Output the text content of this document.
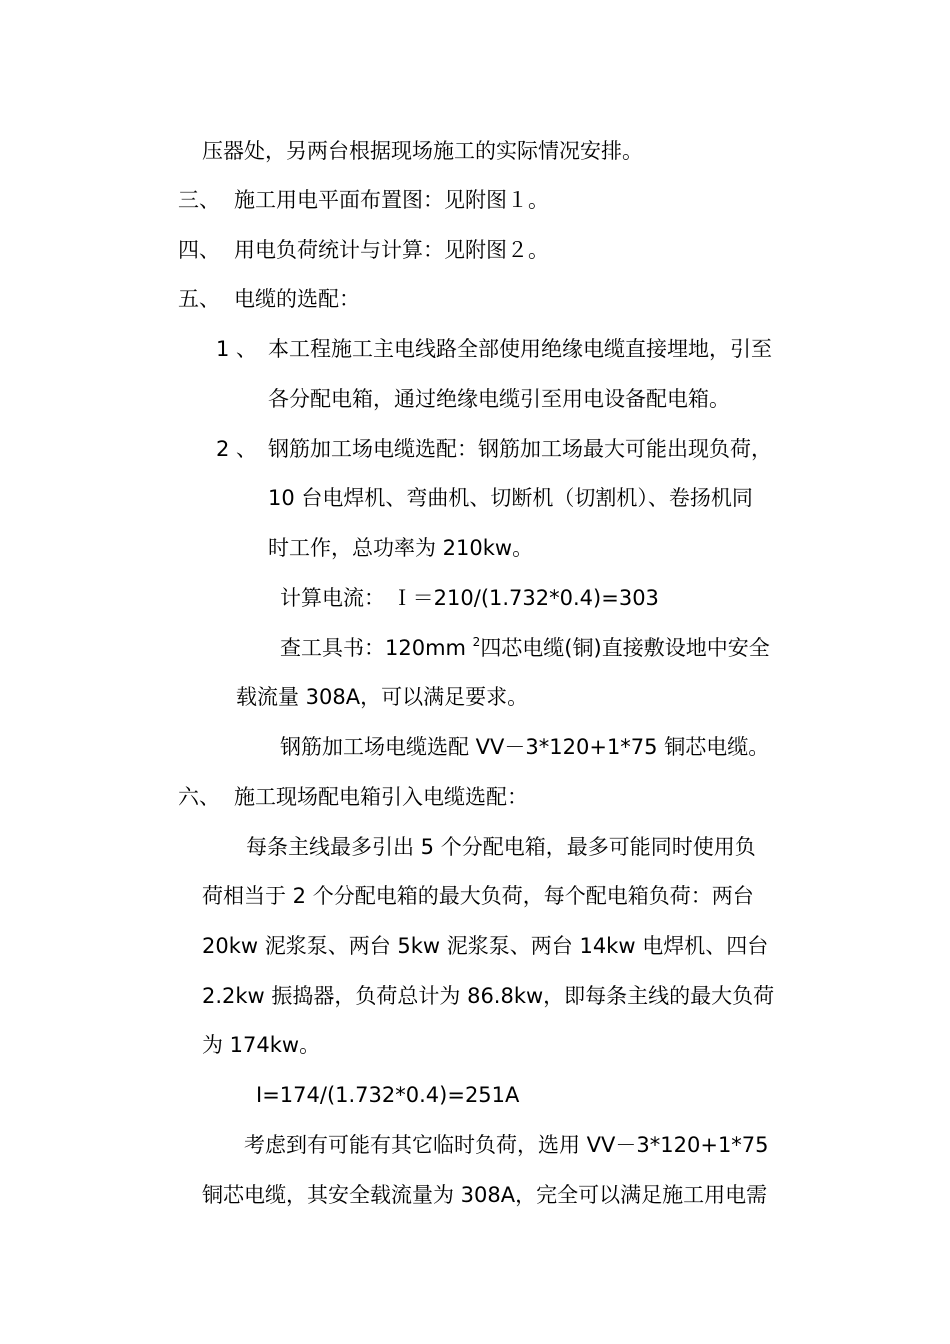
压器处，另两台根据现场施工的实际情况安排。
三、 施工用电平面布置图：见附图１。
四、 用电负荷统计与计算：见附图２。
五、 电缆的选配：
1 、 本工程施工主电线路全部使用绝缘电缆直接埋地，引至
各分配电箱，通过绝缘电缆引至用电设备配电箱。
2 、 钢筋加工场电缆选配：钢筋加工场最大可能出现负荷，
10 台电焊机、弯曲机、切断机（切割机）、卷扬机同
时工作，总功率为 210kw。
计算电流： Ｉ＝210/(1.732*0.4)=303
查工具书：120mm $^2$四芯电缆(铜)直接敷设地中安全
载流量 308A，可以满足要求。
钢筋加工场电缆选配 VV－3*120+1*75 铜芯电缆。
六、 施工现场配电箱引入电缆选配：
每条主线最多引出 5 个分配电箱，最多可能同时使用负
荷相当于 2 个分配电箱的最大负荷，每个配电箱负荷：两台
20kw 泥浆泵、两台 5kw 泥浆泵、两台 14kw 电焊机、四台
2.2kw 振捣器，负荷总计为 86.8kw，即每条主线的最大负荷
为 174kw。
I=174/(1.732*0.4)=251A
考虑到有可能有其它临时负荷，选用 VV－3*120+1*75
铜芯电缆，其安全载流量为 308A，完全可以满足施工用电需
